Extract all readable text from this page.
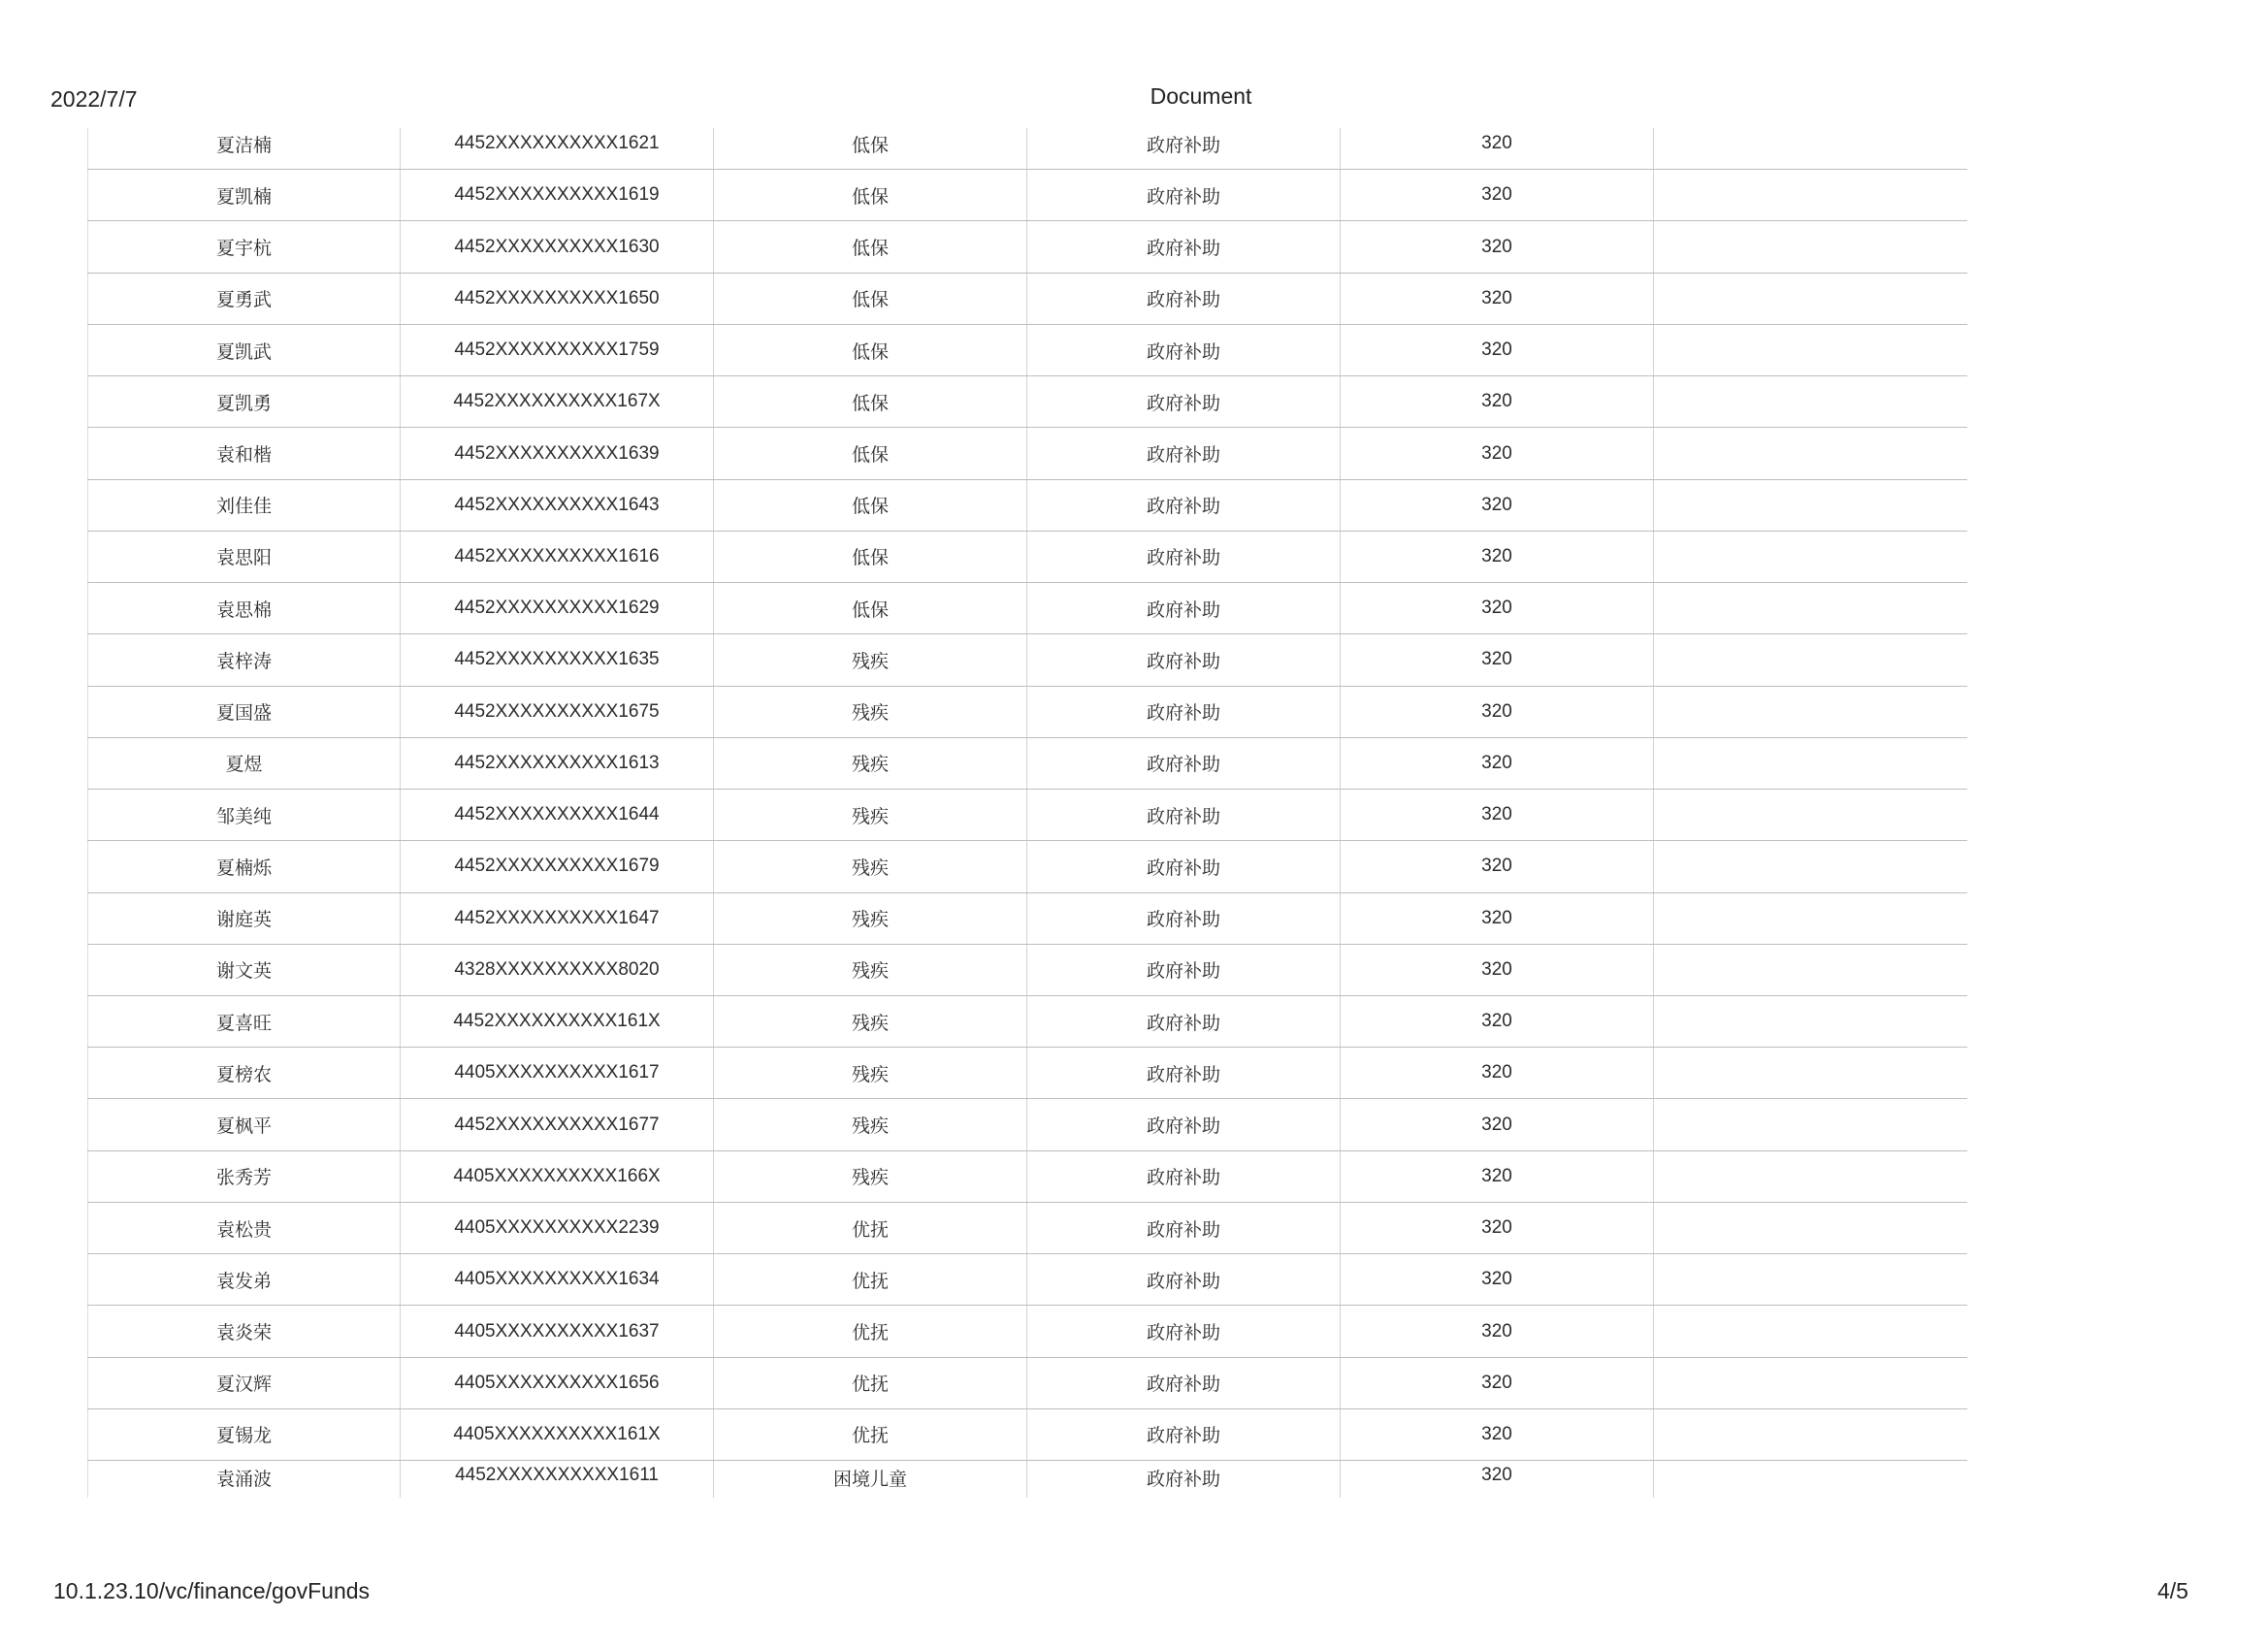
2022/7/7	Document
夏洁楠	4452XXXXXXXXXX1621	低保	政府补助	320
夏凯楠	4452XXXXXXXXXX1619	低保	政府补助	320
夏宇杭	4452XXXXXXXXXX1630	低保	政府补助	320
夏勇武	4452XXXXXXXXXX1650	低保	政府补助	320
夏凯武	4452XXXXXXXXXX1759	低保	政府补助	320
夏凯勇	4452XXXXXXXXXX167X	低保	政府补助	320
袁和楷	4452XXXXXXXXXX1639	低保	政府补助	320
刘佳佳	4452XXXXXXXXXX1643	低保	政府补助	320
袁思阳	4452XXXXXXXXXX1616	低保	政府补助	320
袁思棉	4452XXXXXXXXXX1629	低保	政府补助	320
袁梓涛	4452XXXXXXXXXX1635	残疾	政府补助	320
夏国盛	4452XXXXXXXXXX1675	残疾	政府补助	320
夏煜	4452XXXXXXXXXX1613	残疾	政府补助	320
邹美纯	4452XXXXXXXXXX1644	残疾	政府补助	320
夏楠烁	4452XXXXXXXXXX1679	残疾	政府补助	320
谢庭英	4452XXXXXXXXXX1647	残疾	政府补助	320
谢文英	4328XXXXXXXXXX8020	残疾	政府补助	320
夏喜旺	4452XXXXXXXXXX161X	残疾	政府补助	320
夏榜农	4405XXXXXXXXXX1617	残疾	政府补助	320
夏枫平	4452XXXXXXXXXX1677	残疾	政府补助	320
张秀芳	4405XXXXXXXXXX166X	残疾	政府补助	320
袁松贵	4405XXXXXXXXXX2239	优抚	政府补助	320
袁发弟	4405XXXXXXXXXX1634	优抚	政府补助	320
袁炎荣	4405XXXXXXXXXX1637	优抚	政府补助	320
夏汉辉	4405XXXXXXXXXX1656	优抚	政府补助	320
夏锡龙	4405XXXXXXXXXX161X	优抚	政府补助	320
袁涌波	4452XXXXXXXXXX1611	困境儿童	政府补助	320
10.1.23.10/vc/finance/govFunds	4/5
